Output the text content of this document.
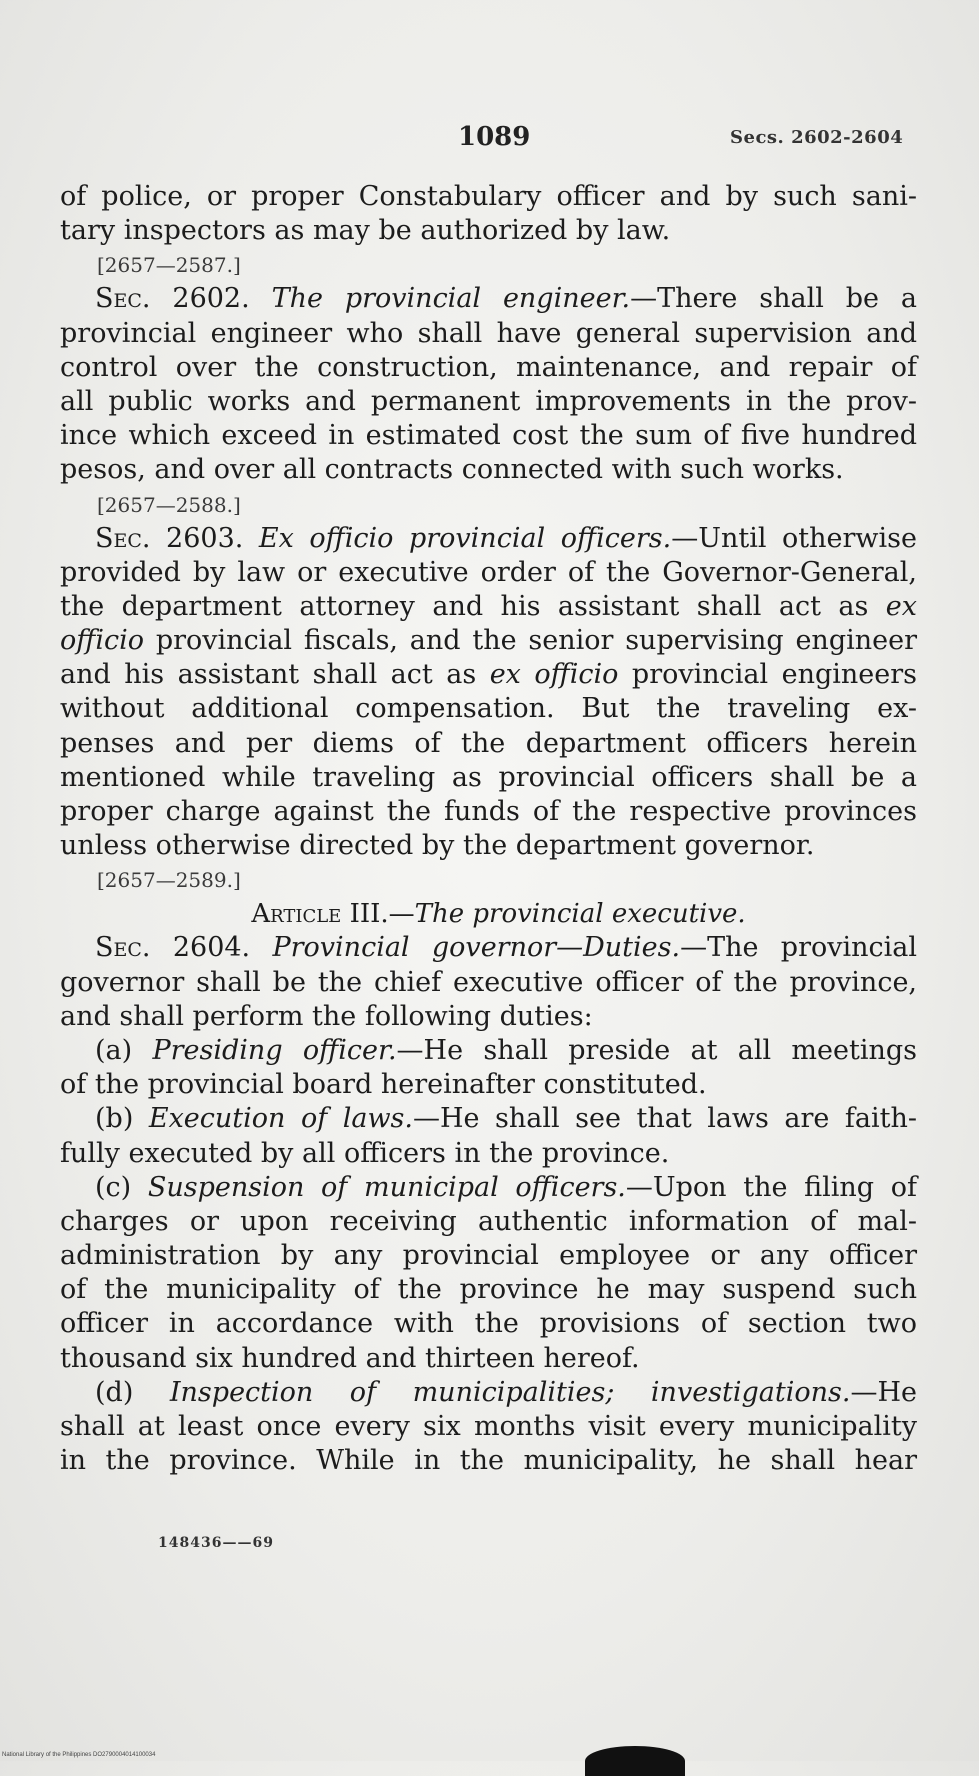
1089	Secs. 2602-2604
of police, or proper Constabulary officer and by such sani-
tary inspectors as may be authorized by law.
[2657—2587.]
Sec. 2602. The provincial engineer.—There shall be a
provincial engineer who shall have general supervision and
control over the construction, maintenance, and repair of
all public works and permanent improvements in the prov-
ince which exceed in estimated cost the sum of five hundred
pesos, and over all contracts connected with such works.
[2657—2588.]
Sec. 2603. Ex officio provincial officers.—Until otherwise
provided by law or executive order of the Governor-General,
the department attorney and his assistant shall act as ex
officio provincial fiscals, and the senior supervising engineer
and his assistant shall act as ex officio provincial engineers
without additional compensation. But the traveling ex-
penses and per diems of the department officers herein
mentioned while traveling as provincial officers shall be a
proper charge against the funds of the respective provinces
unless otherwise directed by the department governor.
[2657—2589.]
Article III.—The provincial executive.
Sec. 2604. Provincial governor—Duties.—The provincial
governor shall be the chief executive officer of the province,
and shall perform the following duties:
(a) Presiding officer.—He shall preside at all meetings
of the provincial board hereinafter constituted.
(b) Execution of laws.—He shall see that laws are faith-
fully executed by all officers in the province.
(c) Suspension of municipal officers.—Upon the filing of
charges or upon receiving authentic information of mal-
administration by any provincial employee or any officer
of the municipality of the province he may suspend such
officer in accordance with the provisions of section two
thousand six hundred and thirteen hereof.
(d) Inspection of municipalities; investigations.—He
shall at least once every six months visit every municipality
in the province. While in the municipality, he shall hear
148436——69
National Library of the Philippines DO2790004014100034
